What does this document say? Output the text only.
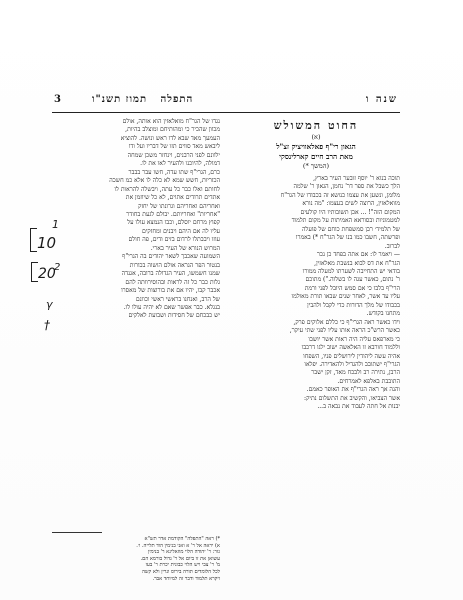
3	התפלה   תמוז תשנ"ו	שנה ו
החוט המשולש
(א)
הגאון רי"ף פאלאוויציק זצ"ל
מאת הרב חיים קארלינסקי
(המשך *)
תוכה בנוא ר' יוסף זובער העיר בארץ,
הלך כשבל את ספר דר' נחמן, הגאון ר' שלמה
מלומן, ונשען את עצמו כנושא זה בכבודו של הגר"ח
מוואלאזין, הרוצה לשים בעצמו: "מה נורא
המקום הזה"! ... אכן תשובותיו היו קולעים
למטמוניות ובסוראא האמיתות על מקום תלמוד
של תלמיד׳ רבן סמשפחת כוחם של פועלה
ופרשתה, חשבו כמו בנו של הגר"ח *) באמרו
לברוב.
— ויאמר לו: אם אתה בפחד כן נכר
הגר"ח את דס לבוא בנשבת מאלאזין,
בודאי יש התחייבה לשערתו למעלה ממורו
ר' נתום, כאשר עגה לו בשלוה.") מתוכם
הרי"ף בלבו כי אם סמש היובל לפני ורמת
עליו עד אשר, לאחר שנים שבאו תורת מאולמו
בכבודו של מלך הדורות כדי לקבל ולהבין
מתחנו בקודש.
וידו כאשר ראה הגרי"ף כי כללם אלוקים פרק,
כאשר הרש"כ הראה אותו עליו לפני שתי עיקר,
כי מארפאס עליה היה ראות אשר יושבו
וללמוד חורבא זו האלאשה ישוב ילגו דרכבו
אהיה עשה ליהודין לירושלים פניו, השפחו
הגרי"ף ישתובב ולהגדיל ולהאדירה. יפלאו
הרבן, נתירה רב ולבכח מאד, זקן ישבר
התובבת באלפא לאמרחים.
והנה אך ראה הגרי"ף את האופר כאמם.
אשר הצביאו, והקשיב את התשלום נתיק:
יבנות אל חתה לעבוד את נבאה ב...
נגדו של הגר"ח מואלאזין הוא אותה, אולם
מכוון שהכיר כי ומהותיחם ומוצלב בהיות,
העמעך מאד שבא לדו ראש ונושה. להוציא
ליבאש מאד סווים תזו של דבריו ועל ודו
ילוונם לפני הרבנים, וינחזר משכן שמחה
דמולה, להיוכנו ולהעיר לאו את לו.
כרם, הגרי"ף שתו עדה, חשו עבר בבבר
הכזריות, חשש שמא לא כלה לו אלא כמ חשכה
לחותם ואלו כבר כל עתה, ויבשלה להראות לו
אתדים תרודים אתוים, לא כל שיוזמן את
ואחריהם ואחריהם וגרונתו של יחזק
"אחריות" ואחריותם. יבולם לגעת בחודר
קפוץ מרחם יוסלם, וכבו הנמצא עולו על
עליו לה אם היהם ויבנים ומחזקים
עוזו ויבבתלו לרדום בזים ודים, פה חולם
המרוש הנורא של העיר בארי.
השמועה שאכבך לשאר יהודים בה הגרי"ף
בנטור הפר הגראה אולם הושוה בכורות
שמנו חשמשו, העיר הגדולה ברובה, אגנדה
גלות כבר כל זה לראות ובהוסירוותה להם
אכבר קבו, יהיו אם את בורוצות של מאסרו
של הרב, ואנחנו בראשי ראשי וכוונם
בנגלא. כבר אפשר שאם לא יהיה עולו לו.
יש כבכחם של חסידות ושבועת לאלקים
*) ראה "התפלה" הקודמת אדר תש"א
א) יראה אל ר' א ואני בנימין הוד תלייה. ו׳.
גזר: ר' יהודה הלוי מוזאלינא ר' בנימין
עשואן את זו ביום אל ר' גדול בורמא הם.
מ' ר' צבי ויש הלוי כבונית יכרת ר' בעו
לכל הלומדים תורה בירוס ונרין ולא קשה
ויקרא תלמוד ודבר זה למיוחד אבר.
10
1
20
2
γ
†
